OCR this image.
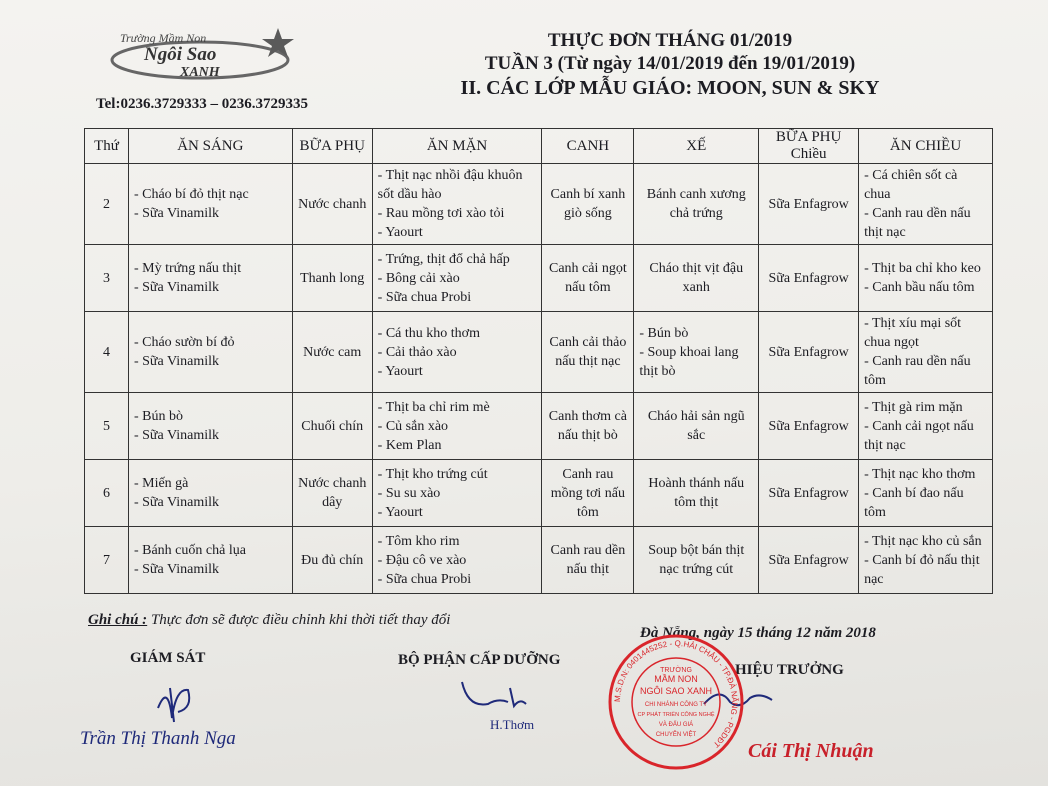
Trường Mầm Non
Ngôi Sao
XANH
THỰC ĐƠN THÁNG 01/2019
TUẦN 3 (Từ ngày 14/01/2019 đến 19/01/2019)
II. CÁC LỚP MẪU GIÁO: MOON, SUN & SKY
Tel:0236.3729333 – 0236.3729335
Thứ	ĂN SÁNG	BỮA PHỤ	ĂN MẶN	CANH	XẾ	BỮA PHỤ Chiều	ĂN CHIỀU
2	- Cháo bí đỏ thịt nạc
- Sữa Vinamilk	Nước chanh	- Thịt nạc nhồi đậu khuôn sốt dầu hào
- Rau mồng tơi xào tỏi
- Yaourt	Canh bí xanh giò sống	Bánh canh xương chả trứng	Sữa Enfagrow	- Cá chiên sốt cà chua
- Canh rau dền nấu thịt nạc

3	- Mỳ trứng nấu thịt
- Sữa Vinamilk	Thanh long	- Trứng, thịt đổ chả hấp
- Bông cải xào
- Sữa chua Probi	Canh cải ngọt nấu tôm	Cháo thịt vịt đậu xanh	Sữa Enfagrow	- Thịt ba chỉ kho keo
- Canh bầu nấu tôm

4	- Cháo sườn bí đỏ
- Sữa Vinamilk	Nước cam	- Cá thu kho thơm
- Cải thảo xào
- Yaourt	Canh cải thảo nấu thịt nạc	- Bún bò
- Soup khoai lang thịt bò	Sữa Enfagrow	- Thịt xíu mại sốt chua ngọt
- Canh rau dền nấu tôm

5	- Bún bò
- Sữa Vinamilk	Chuối chín	- Thịt ba chỉ rim mè
- Củ sắn xào
- Kem Plan	Canh thơm cà nấu thịt bò	Cháo hải sản ngũ sắc	Sữa Enfagrow	- Thịt gà rim mặn
- Canh cải ngọt nấu thịt nạc

6	- Miến gà
- Sữa Vinamilk	Nước chanh dây	- Thịt kho trứng cút
- Su su xào
- Yaourt	Canh rau mồng tơi nấu tôm	Hoành thánh nấu tôm thịt	Sữa Enfagrow	- Thịt nạc kho thơm
- Canh bí đao nấu tôm

7	- Bánh cuốn chả lụa
- Sữa Vinamilk	Đu đủ chín	- Tôm kho rim
- Đậu cô ve xào
- Sữa chua Probi	Canh rau dền nấu thịt	Soup bột bán thịt nạc trứng cút	Sữa Enfagrow	- Thịt nạc kho củ sắn
- Canh bí đỏ nấu thịt nạc
Ghi chú : Thực đơn sẽ được điều chỉnh khi thời tiết thay đổi
Đà Nẵng, ngày 15 tháng 12 năm 2018
GIÁM SÁT	BỘ PHẬN CẤP DƯỠNG
HIỆU TRƯỞNG
Trần Thị Thanh Nga
H.Thơm
Cái Thị Nhuận
M.S.D.N: 0401445252 - Q.HẢI CHÂU - TP.ĐÀ NẴNG - PGDĐT
TRƯỜNG
MẦM NON
NGÔI SAO XANH
CHI NHÁNH CÔNG TY
CP PHÁT TRIỂN CÔNG NGHỆ
VÀ ĐẤU GIÁ
CHUYÊN VIỆT
